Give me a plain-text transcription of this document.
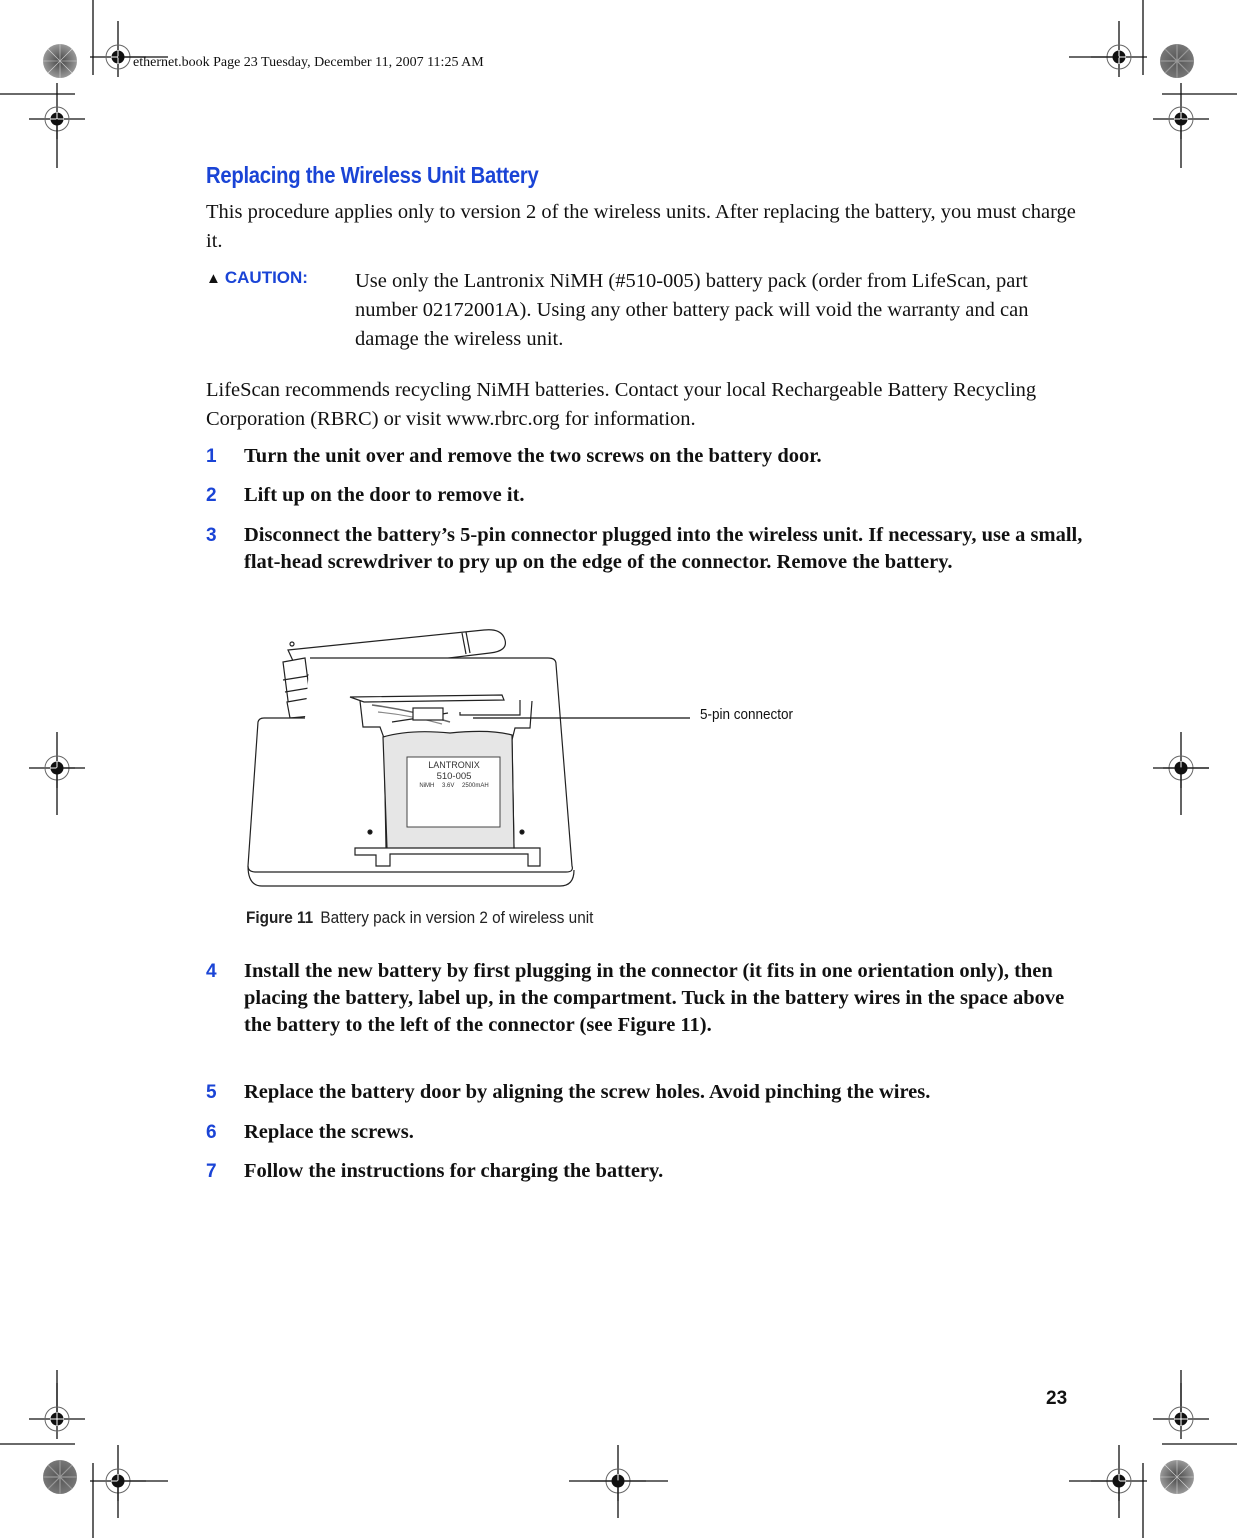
ethernet.book Page 23 Tuesday, December 11, 2007 11:25 AM
Replacing the Wireless Unit Battery

This procedure applies only to version 2 of the wireless units. After replacing the battery, you must charge it.

▲ CAUTION: Use only the Lantronix NiMH (#510-005) battery pack (order from LifeScan, part number 02172001A). Using any other battery pack will void the warranty and can damage the wireless unit.

LifeScan recommends recycling NiMH batteries. Contact your local Rechargeable Battery Recycling Corporation (RBRC) or visit www.rbrc.org for information.

1 Turn the unit over and remove the two screws on the battery door.
2 Lift up on the door to remove it.
3 Disconnect the battery’s 5-pin connector plugged into the wireless unit. If necessary, use a small, flat-head screwdriver to pry up on the edge of the connector. Remove the battery.
4 Install the new battery by first plugging in the connector (it fits in one orientation only), then placing the battery, label up, in the compartment. Tuck in the battery wires in the space above the battery to the left of the connector (see Figure 11).
5 Replace the battery door by aligning the screw holes. Avoid pinching the wires.
6 Replace the screws.
7 Follow the instructions for charging the battery.
LANTRONIX
510-005
NiMH 3.6V 2500mAH
5-pin connector
Figure 11 Battery pack in version 2 of wireless unit
23
